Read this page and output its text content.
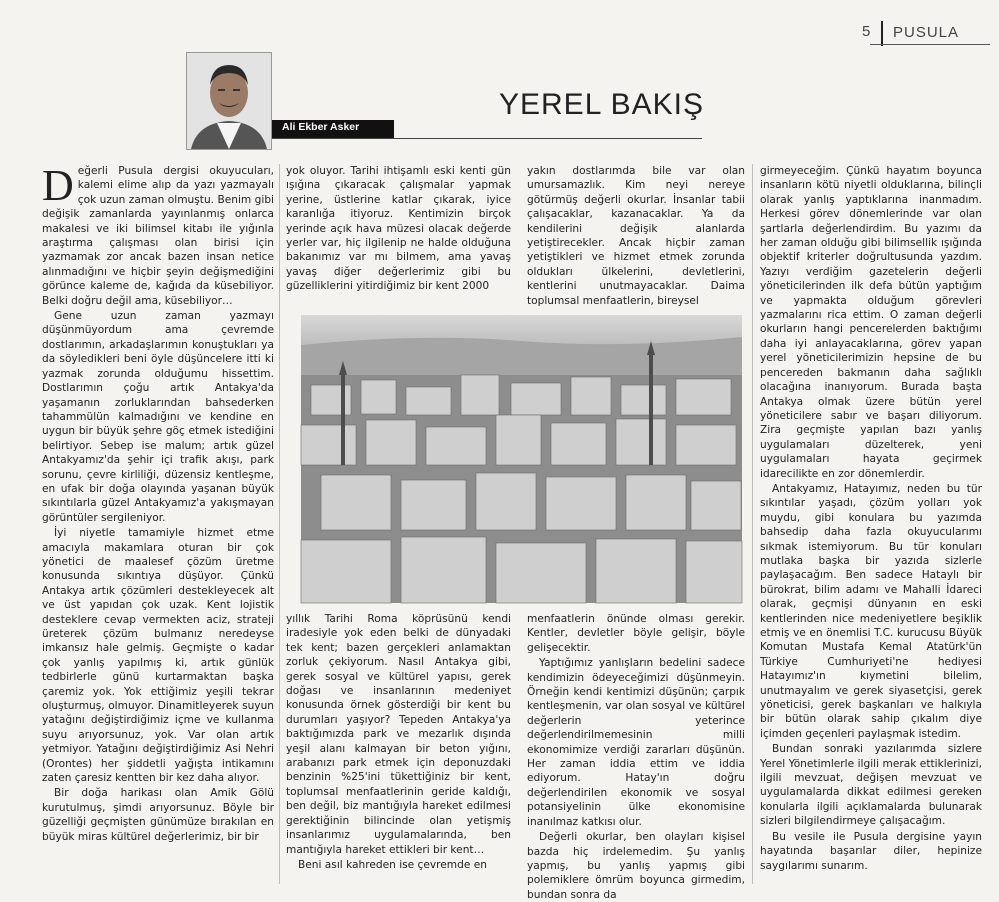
5 PUSULA
Ali Ekber Asker
YEREL BAKIŞ

Değerli Pusula dergisi okuyucuları, kalemi elime alıp da yazı yazmayalı çok uzun zaman olmuştu. Benim gibi değişik zamanlarda yayınlanmış onlarca makalesi ve iki bilimsel kitabı ile yığınla araştırma çalışması olan birisi için yazmamak zor ancak bazen insan netice alınmadığını ve hiçbir şeyin değişmediğini görünce kaleme de, kağıda da küsebiliyor. Belki doğru değil ama, küsebiliyor…

Gene uzun zaman yazmayı düşünmüyordum ama çevremde dostlarımın, arkadaşlarımın konuştukları ya da söyledikleri beni öyle düşüncelere itti ki yazmak zorunda olduğumu hissettim. Dostlarımın çoğu artık Antakya'da yaşamanın zorluklarından bahsederken tahammülün kalmadığını ve kendine en uygun bir büyük şehre göç etmek istediğini belirtiyor. Sebep ise malum; artık güzel Antakyamız'da şehir içi trafik akışı, park sorunu, çevre kirliliği, düzensiz kentleşme, en ufak bir doğa olayında yaşanan büyük sıkıntılarla güzel Antakyamız'a yakışmayan görüntüler sergileniyor.

İyi niyetle tamamiyle hizmet etme amacıyla makamlara oturan bir çok yönetici de maalesef çözüm üretme konusunda sıkıntıya düşüyor. Çünkü Antakya artık çözümleri destekleyecek alt ve üst yapıdan çok uzak. Kent lojistik desteklere cevap vermekten aciz, strateji üreterek çözüm bulmanız neredeyse imkansız hale gelmiş. Geçmişte o kadar çok yanlış yapılmış ki, artık günlük tedbirlerle günü kurtarmaktan başka çaremiz yok. Yok ettiğimiz yeşili tekrar oluşturmuş, olmuyor. Dinamitleyerek suyun yatağını değiştirdiğimiz içme ve kullanma suyu arıyorsunuz, yok. Var olan artık yetmiyor. Yatağını değiştirdiğimiz Asi Nehri (Orontes) her şiddetli yağışta intikamını zaten çaresiz kentten bir kez daha alıyor.

Bir doğa harikası olan Amik Gölü kurutulmuş, şimdi arıyorsunuz. Böyle bir güzelliği geçmişten günümüze bırakılan en büyük miras kültürel değerlerimiz, bir bir

yok oluyor. Tarihi ihtişamlı eski kenti gün ışığına çıkaracak çalışmalar yapmak yerine, üstlerine katlar çıkarak, iyice karanlığa itiyoruz. Kentimizin birçok yerinde açık hava müzesi olacak değerde yerler var, hiç ilgilenip ne halde olduğuna bakanımız var mı bilmem, ama yavaş yavaş diğer değerlerimiz gibi bu güzelliklerini yitirdiğimiz bir kent 2000

yakın dostlarımda bile var olan umursamazlık. Kim neyi nereye götürmüş değerli okurlar. İnsanlar tabii çalışacaklar, kazanacaklar. Ya da kendilerini değişik alanlarda yetiştirecekler. Ancak hiçbir zaman yetiştikleri ve hizmet etmek zorunda oldukları ülkelerini, devletlerini, kentlerini unutmayacaklar. Daima toplumsal menfaatlerin, bireysel

yıllık Tarihi Roma köprüsünü kendi iradesiyle yok eden belki de dünyadaki tek kent; bazen gerçekleri anlamaktan zorluk çekiyorum. Nasıl Antakya gibi, gerek sosyal ve kültürel yapısı, gerek doğası ve insanlarının medeniyet konusunda örnek gösterdiği bir kent bu durumları yaşıyor? Tepeden Antakya'ya baktığımızda park ve mezarlık dışında yeşil alanı kalmayan bir beton yığını, arabanızı park etmek için deponuzdaki benzinin %25'ini tükettiğiniz bir kent, toplumsal menfaatlerinin geride kaldığı, ben değil, biz mantığıyla hareket edilmesi gerektiğinin bilincinde olan yetişmiş insanlarımız uygulamalarında, ben mantığıyla hareket ettikleri bir kent…

Beni asıl kahreden ise çevremde en

menfaatlerin önünde olması gerekir. Kentler, devletler böyle gelişir, böyle gelişecektir.

Yaptığımız yanlışların bedelini sadece kendimizin ödeyeceğimizi düşünmeyin. Örneğin kendi kentimizi düşünün; çarpık kentleşmenin, var olan sosyal ve kültürel değerlerin yeterince değerlendirilmemesinin milli ekonomimize verdiği zararları düşünün. Her zaman iddia ettim ve iddia ediyorum. Hatay'ın doğru değerlendirilen ekonomik ve sosyal potansiyelinin ülke ekonomisine inanılmaz katkısı olur.

Değerli okurlar, ben olayları kişisel bazda hiç irdelemedim. Şu yanlış yapmış, bu yanlış yapmış gibi polemiklere ömrüm boyunca girmedim, bundan sonra da

girmeyeceğim. Çünkü hayatım boyunca insanların kötü niyetli olduklarına, bilinçli olarak yanlış yaptıklarına inanmadım. Herkesi görev dönemlerinde var olan şartlarla değerlendirdim. Bu yazımı da her zaman olduğu gibi bilimsellik ışığında objektif kriterler doğrultusunda yazdım. Yazıyı verdiğim gazetelerin değerli yöneticilerinden ilk defa bütün yaptığım ve yapmakta olduğum görevleri yazmalarını rica ettim. O zaman değerli okurların hangi pencerelerden baktığımı daha iyi anlayacaklarına, görev yapan yerel yöneticilerimizin hepsine de bu pencereden bakmanın daha sağlıklı olacağına inanıyorum. Burada başta Antakya olmak üzere bütün yerel yöneticilere sabır ve başarı diliyorum. Zira geçmişte yapılan bazı yanlış uygulamaları düzelterek, yeni uygulamaları hayata geçirmek idarecilikte en zor dönemlerdir.

Antakyamız, Hatayımız, neden bu tür sıkıntılar yaşadı, çözüm yolları yok muydu, gibi konulara bu yazımda bahsedip daha fazla okuyucularımı sıkmak istemiyorum. Bu tür konuları mutlaka başka bir yazıda sizlerle paylaşacağım. Ben sadece Hataylı bir bürokrat, bilim adamı ve Mahalli İdareci olarak, geçmişi dünyanın en eski kentlerinden nice medeniyetlere beşiklik etmiş ve en önemlisi T.C. kurucusu Büyük Komutan Mustafa Kemal Atatürk'ün Türkiye Cumhuriyeti'ne hediyesi Hatayımız'ın kıymetini bilelim, unutmayalım ve gerek siyasetçisi, gerek yöneticisi, gerek başkanları ve halkıyla bir bütün olarak sahip çıkalım diye içimden geçenleri paylaşmak istedim.

Bundan sonraki yazılarımda sizlere Yerel Yönetimlerle ilgili merak ettiklerinizi, ilgili mevzuat, değişen mevzuat ve uygulamalarda dikkat edilmesi gereken konularla ilgili açıklamalarda bulunarak sizleri bilgilendirmeye çalışacağım.

Bu vesile ile Pusula dergisine yayın hayatında başarılar diler, hepinize saygılarımı sunarım.
